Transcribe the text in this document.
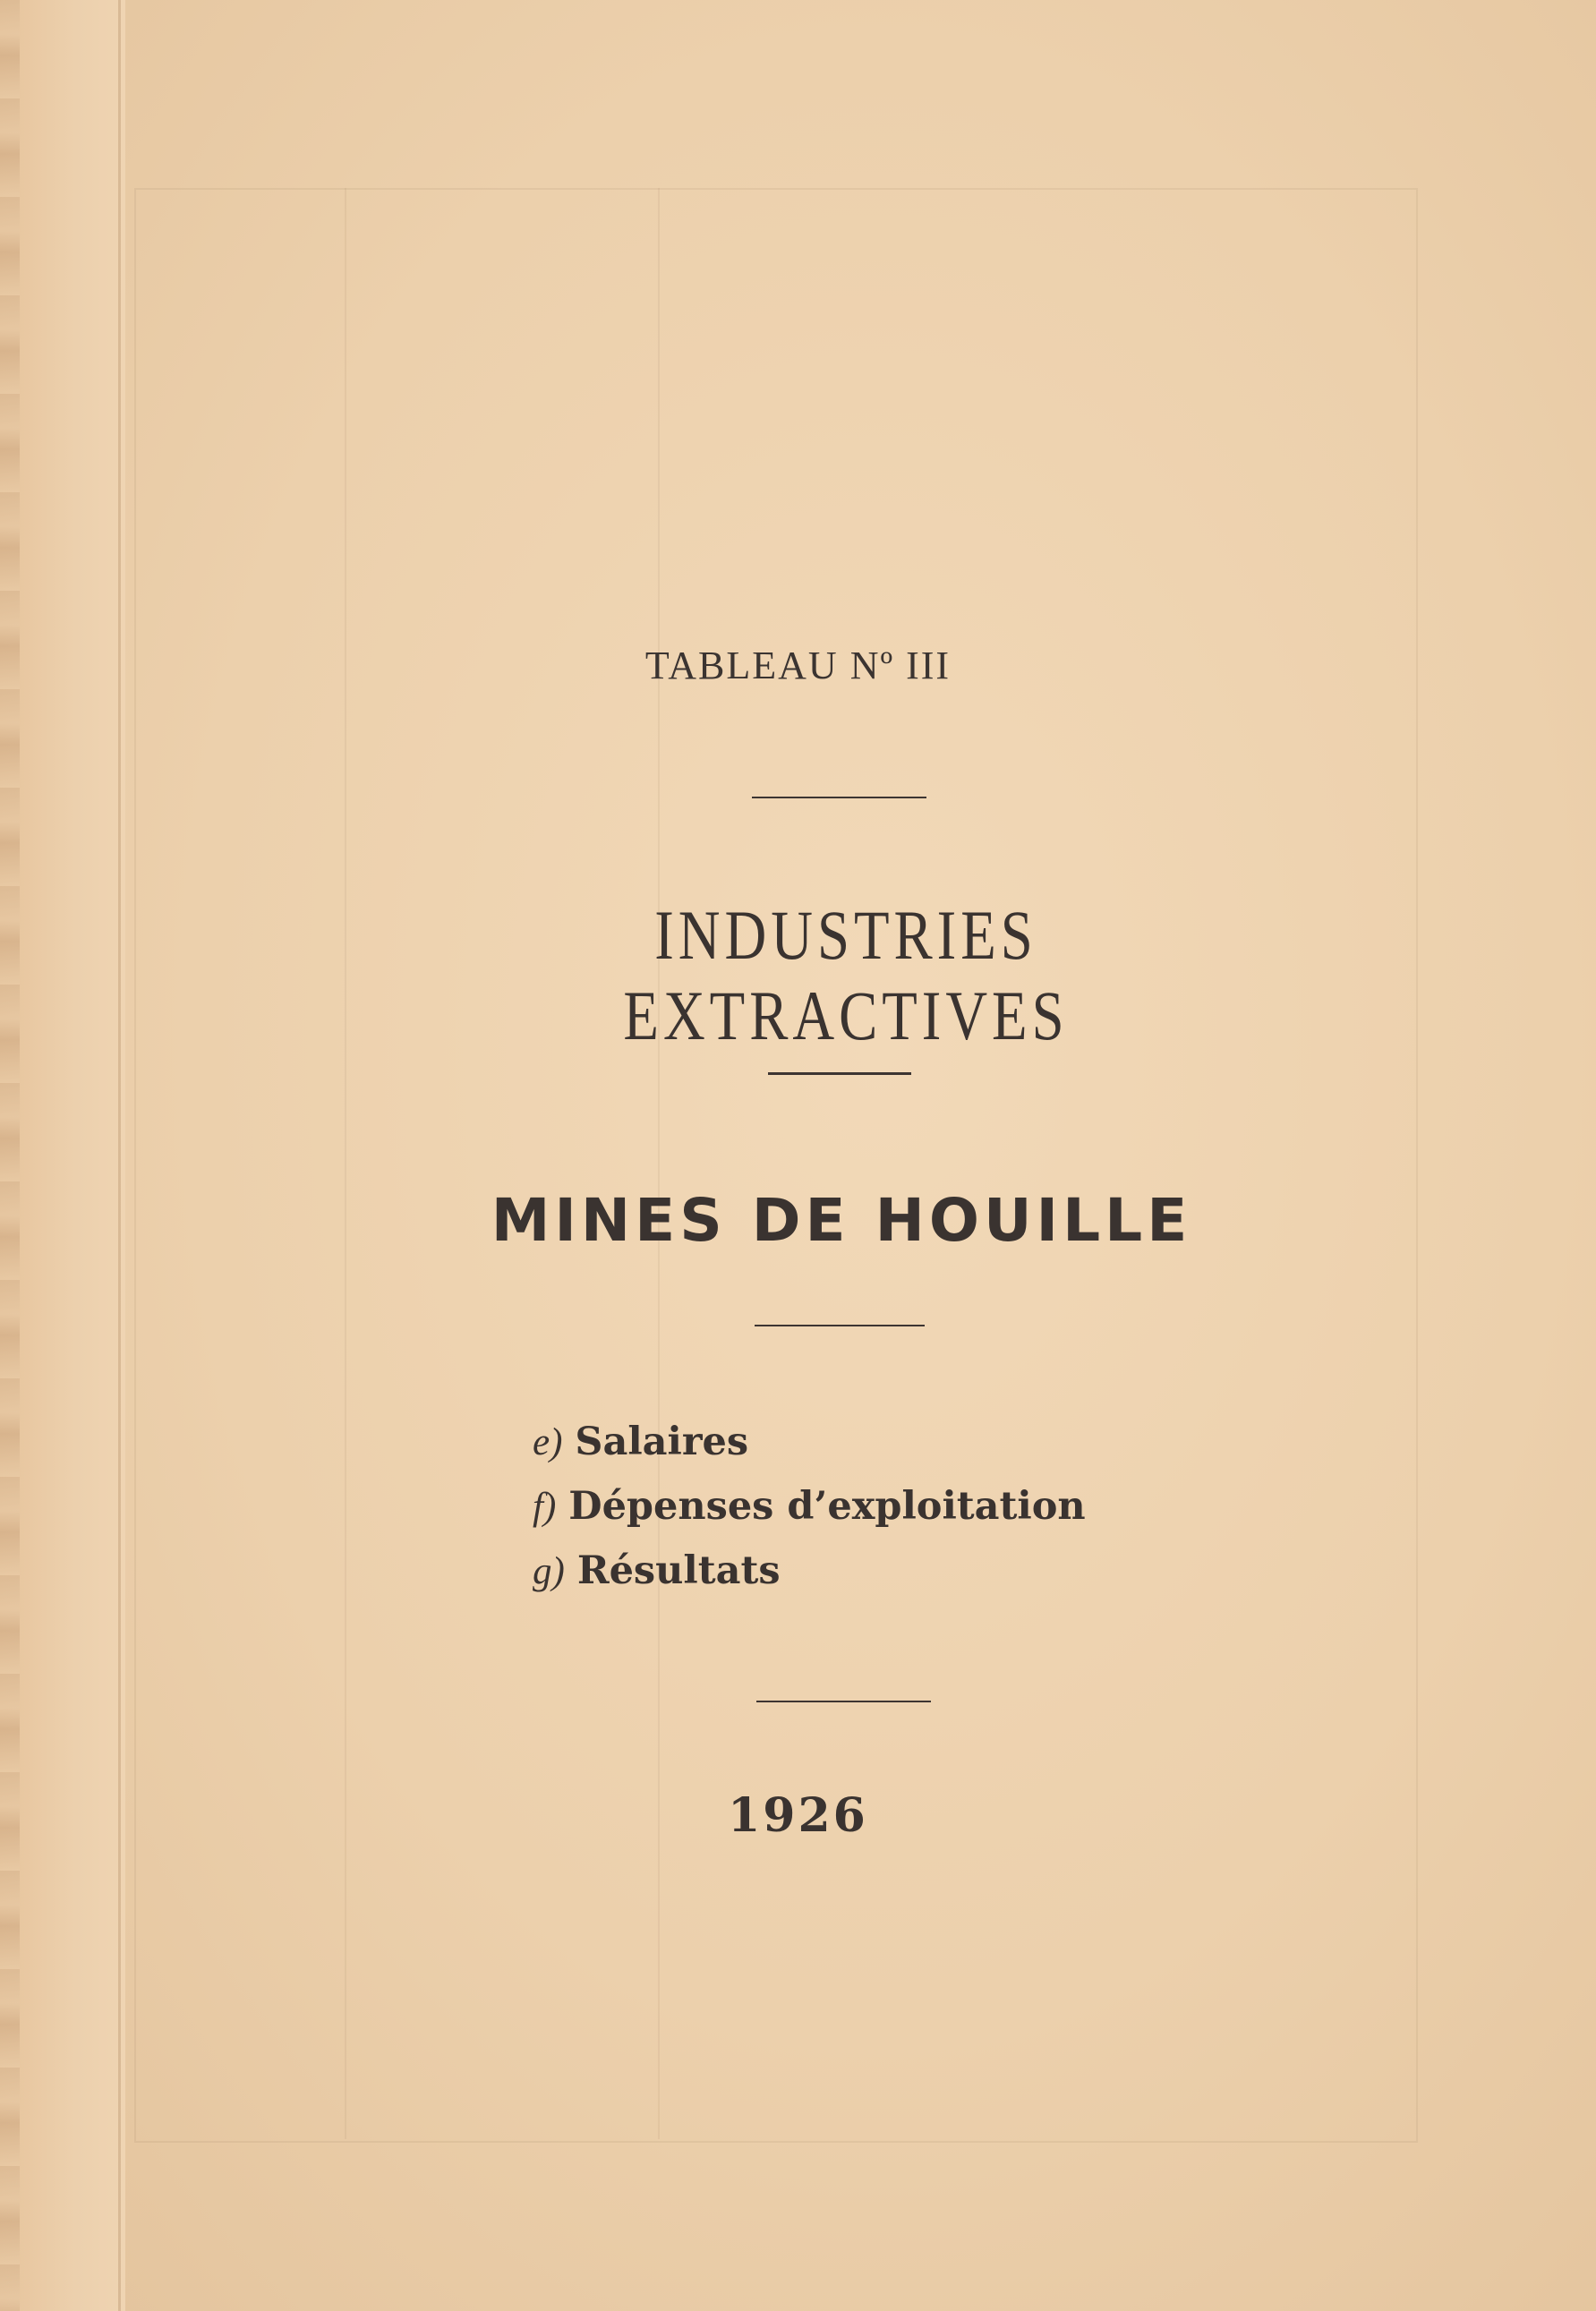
TABLEAU Nº III
INDUSTRIES EXTRACTIVES
MINES DE HOUILLE
e) Salaires
f) Dépenses d’exploitation
g) Résultats
1926
